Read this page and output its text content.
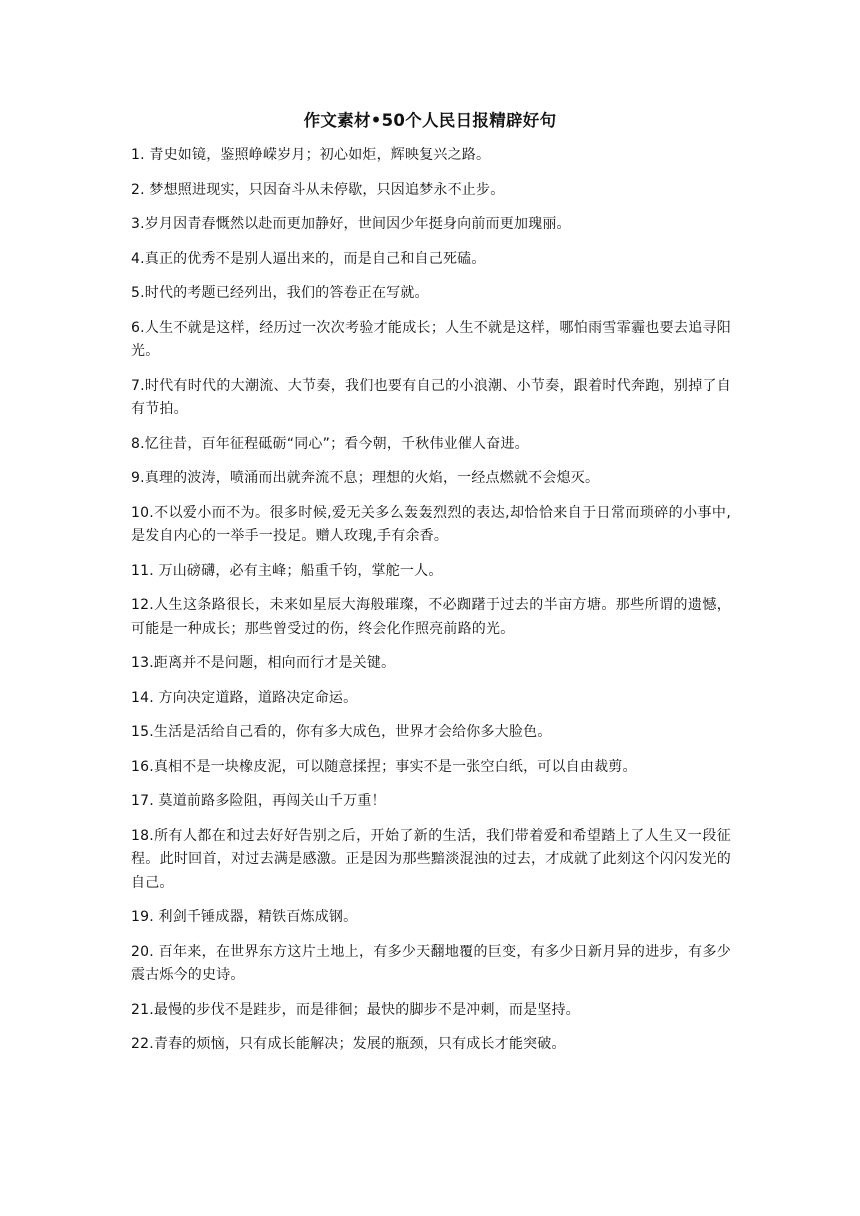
作文素材•50个人民日报精辟好句

1. 青史如镜，鉴照峥嵘岁月；初心如炬，辉映复兴之路。

2. 梦想照进现实，只因奋斗从未停歇，只因追梦永不止步。

3.岁月因青春慨然以赴而更加静好，世间因少年挺身向前而更加瑰丽。

4.真正的优秀不是别人逼出来的，而是自己和自己死磕。

5.时代的考题已经列出，我们的答卷正在写就。

6.人生不就是这样，经历过一次次考验才能成长；人生不就是这样，哪怕雨雪霏霾也要去追寻阳光。

7.时代有时代的大潮流、大节奏，我们也要有自己的小浪潮、小节奏，跟着时代奔跑，别掉了自有节拍。

8.忆往昔，百年征程砥砺“同心”；看今朝，千秋伟业催人奋进。

9.真理的波涛，喷涌而出就奔流不息；理想的火焰，一经点燃就不会熄灭。

10.不以爱小而不为。很多时候,爱无关多么轰轰烈烈的表达,却恰恰来自于日常而琐碎的小事中,是发自内心的一举手一投足。赠人玫瑰,手有余香。

11. 万山磅礴，必有主峰；船重千钧，掌舵一人。

12.人生这条路很长，未来如星辰大海般璀璨，不必踟躇于过去的半亩方塘。那些所谓的遗憾，可能是一种成长；那些曾受过的伤，终会化作照亮前路的光。

13.距离并不是问题，相向而行才是关键。

14. 方向决定道路，道路决定命运。

15.生活是活给自己看的，你有多大成色，世界才会给你多大脸色。

16.真相不是一块橡皮泥，可以随意揉捏；事实不是一张空白纸，可以自由裁剪。

17. 莫道前路多险阻，再闯关山千万重！

18.所有人都在和过去好好告别之后，开始了新的生活，我们带着爱和希望踏上了人生又一段征程。此时回首，对过去满是感激。正是因为那些黯淡混浊的过去，才成就了此刻这个闪闪发光的自己。

19. 利剑千锤成器，精铁百炼成钢。

20. 百年来，在世界东方这片土地上，有多少天翻地覆的巨变，有多少日新月异的进步，有多少震古烁今的史诗。

21.最慢的步伐不是跬步，而是徘徊；最快的脚步不是冲刺，而是坚持。

22.青春的烦恼，只有成长能解决；发展的瓶颈，只有成长才能突破。
